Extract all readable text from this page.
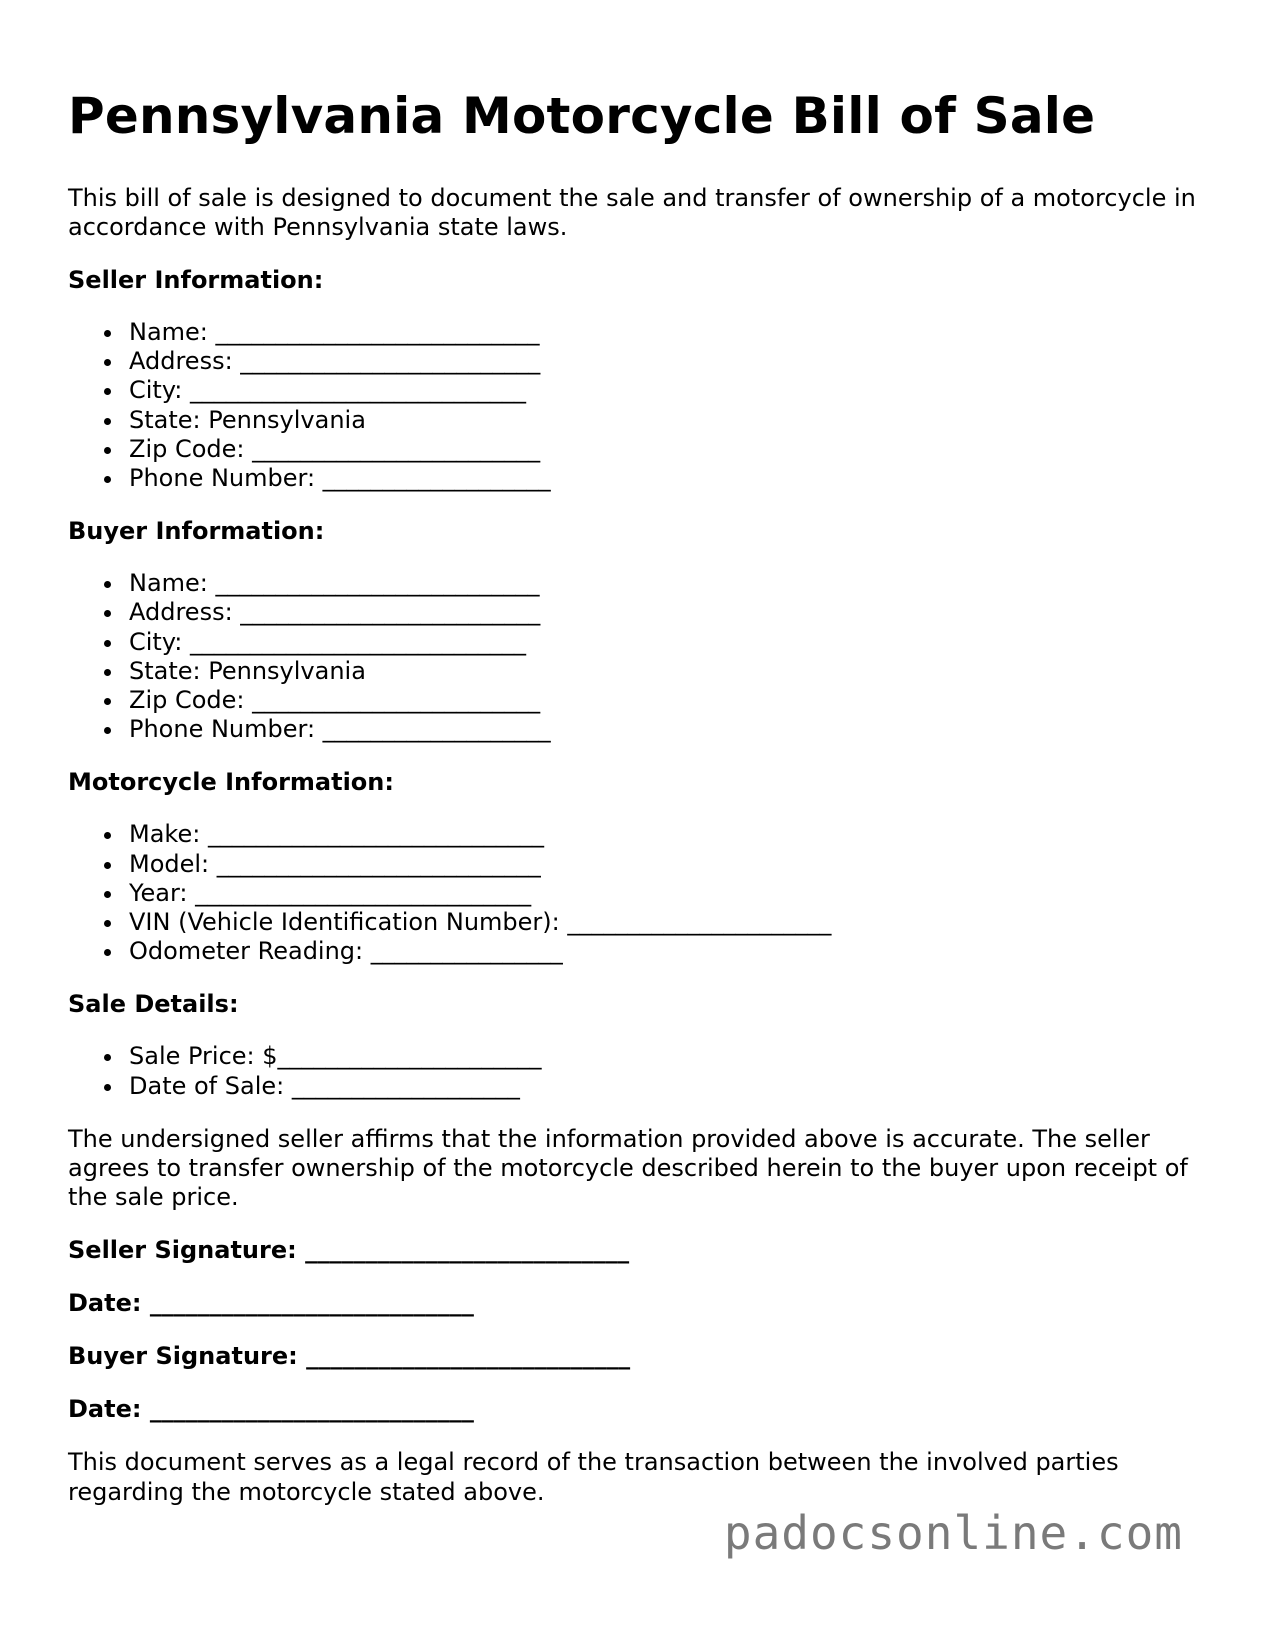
Pennsylvania Motorcycle Bill of Sale

This bill of sale is designed to document the sale and transfer of ownership of a motorcycle in accordance with Pennsylvania state laws.

Seller Information:

Name: ___________________________
Address: _________________________
City: ____________________________
State: Pennsylvania
Zip Code: ________________________
Phone Number: ___________________

Buyer Information:

Name: ___________________________
Address: _________________________
City: ____________________________
State: Pennsylvania
Zip Code: ________________________
Phone Number: ___________________

Motorcycle Information:

Make: ____________________________
Model: ___________________________
Year: ____________________________
VIN (Vehicle Identification Number): ______________________
Odometer Reading: ________________

Sale Details:

Sale Price: $______________________
Date of Sale: ___________________

The undersigned seller affirms that the information provided above is accurate. The seller agrees to transfer ownership of the motorcycle described herein to the buyer upon receipt of the sale price.

Seller Signature: ___________________________

Date: ___________________________

Buyer Signature: ___________________________

Date: ___________________________

This document serves as a legal record of the transaction between the involved parties regarding the motorcycle stated above.

padocsonline.com
